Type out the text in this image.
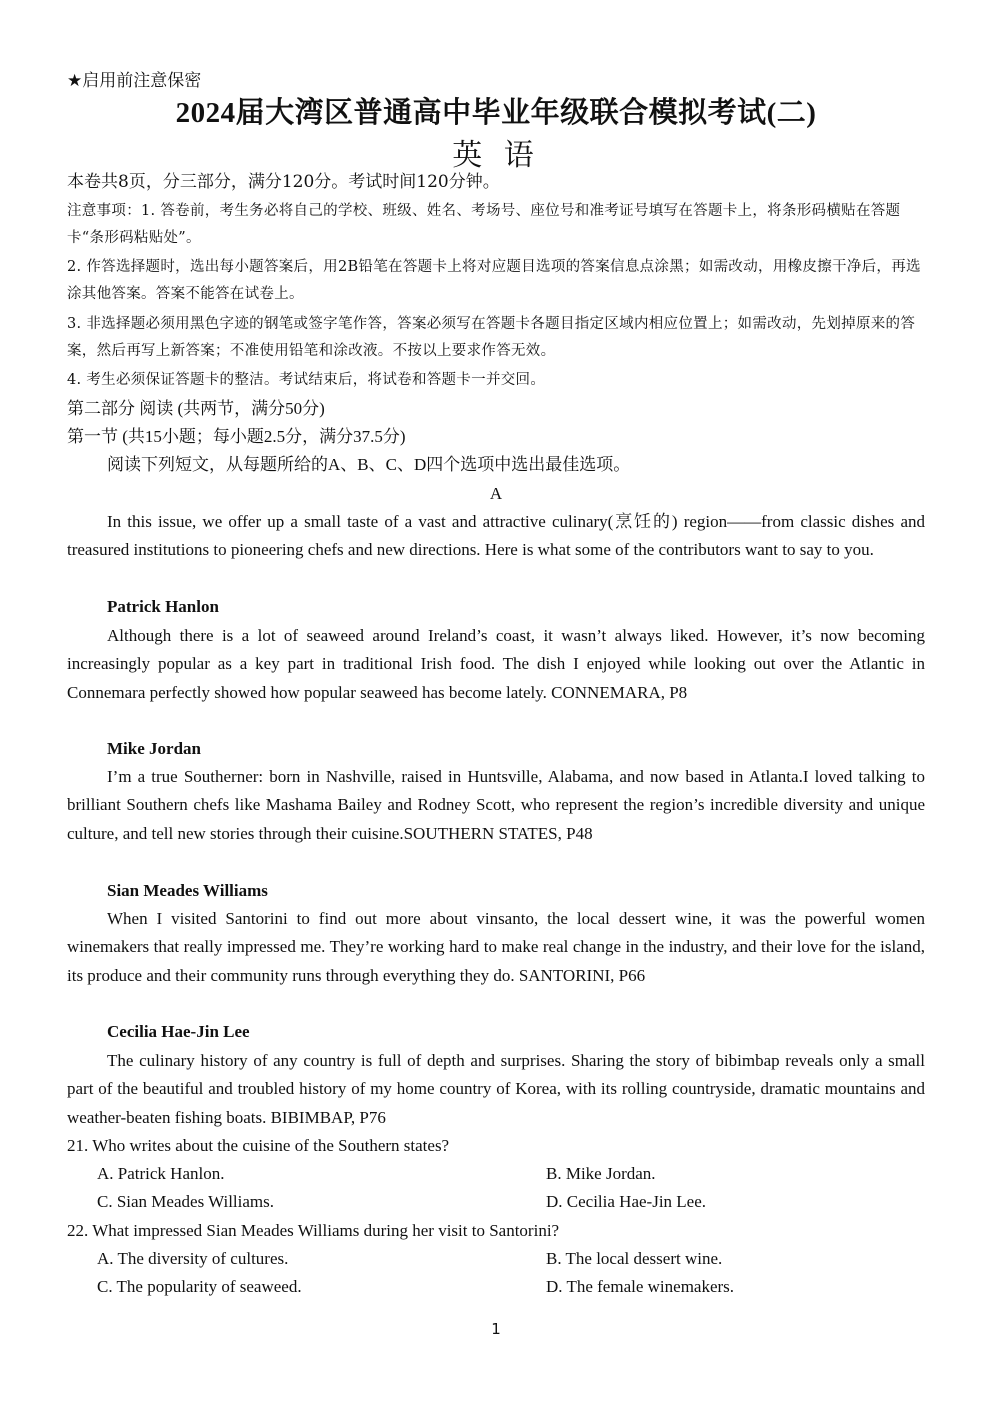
★启用前注意保密
2024届大湾区普通高中毕业年级联合模拟考试(二)
英 语
本卷共8页，分三部分，满分120分。考试时间120分钟。
注意事项：1. 答卷前，考生务必将自己的学校、班级、姓名、考场号、座位号和准考证号填写在答题卡上，将条形码横贴在答题卡“条形码粘贴处”。
2. 作答选择题时，选出每小题答案后，用2B铅笔在答题卡上将对应题目选项的答案信息点涂黑；如需改动，用橡皮擦干净后，再选涂其他答案。答案不能答在试卷上。
3. 非选择题必须用黑色字迹的钢笔或签字笔作答，答案必须写在答题卡各题目指定区域内相应位置上；如需改动，先划掉原来的答案，然后再写上新答案；不准使用铅笔和涂改液。不按以上要求作答无效。
4. 考生必须保证答题卡的整洁。考试结束后，将试卷和答题卡一并交回。
第二部分 阅读 (共两节，满分50分)
第一节 (共15小题；每小题2.5分，满分37.5分)
阅读下列短文，从每题所给的A、B、C、D四个选项中选出最佳选项。
A
In this issue, we offer up a small taste of a vast and attractive culinary(烹饪的) region——from classic dishes and treasured institutions to pioneering chefs and new directions. Here is what some of the contributors want to say to you.
Patrick Hanlon
Although there is a lot of seaweed around Ireland’s coast, it wasn’t always liked. However, it’s now becoming increasingly popular as a key part in traditional Irish food. The dish I enjoyed while looking out over the Atlantic in Connemara perfectly showed how popular seaweed has become lately. CONNEMARA, P8
Mike Jordan
I’m a true Southerner: born in Nashville, raised in Huntsville, Alabama, and now based in Atlanta.I loved talking to brilliant Southern chefs like Mashama Bailey and Rodney Scott, who represent the region’s incredible diversity and unique culture, and tell new stories through their cuisine.SOUTHERN STATES, P48
Sian Meades Williams
When I visited Santorini to find out more about vinsanto, the local dessert wine, it was the powerful women winemakers that really impressed me. They’re working hard to make real change in the industry, and their love for the island, its produce and their community runs through everything they do. SANTORINI, P66
Cecilia Hae-Jin Lee
The culinary history of any country is full of depth and surprises. Sharing the story of bibimbap reveals only a small part of the beautiful and troubled history of my home country of Korea, with its rolling countryside, dramatic mountains and weather-beaten fishing boats. BIBIMBAP, P76
21. Who writes about the cuisine of the Southern states?
A. Patrick Hanlon.	B. Mike Jordan.
C. Sian Meades Williams.	D. Cecilia Hae-Jin Lee.
22. What impressed Sian Meades Williams during her visit to Santorini?
A. The diversity of cultures.	B. The local dessert wine.
C. The popularity of seaweed.	D. The female winemakers.
1
